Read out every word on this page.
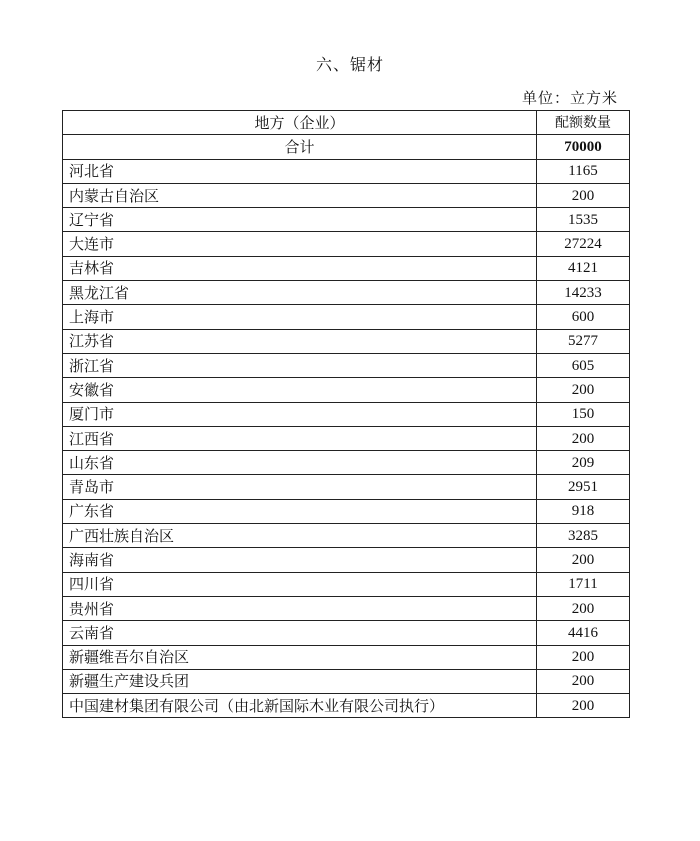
六、锯材
单位：立方米
地方（企业）	配额数量
合计	70000
河北省	1165
内蒙古自治区	200
辽宁省	1535
大连市	27224
吉林省	4121
黑龙江省	14233
上海市	600
江苏省	5277
浙江省	605
安徽省	200
厦门市	150
江西省	200
山东省	209
青岛市	2951
广东省	918
广西壮族自治区	3285
海南省	200
四川省	1711
贵州省	200
云南省	4416
新疆维吾尔自治区	200
新疆生产建设兵团	200
中国建材集团有限公司（由北新国际木业有限公司执行）	200
